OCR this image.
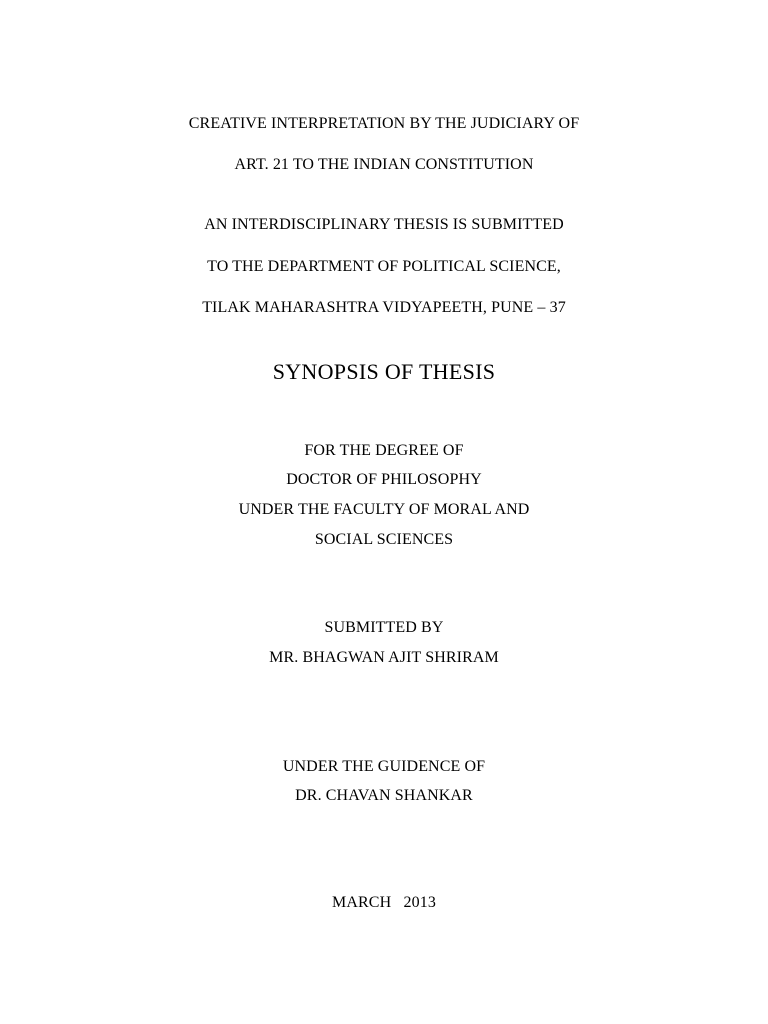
CREATIVE INTERPRETATION BY THE JUDICIARY OF
ART. 21 TO THE INDIAN CONSTITUTION
AN INTERDISCIPLINARY THESIS IS SUBMITTED
TO THE DEPARTMENT OF POLITICAL SCIENCE,
TILAK MAHARASHTRA VIDYAPEETH, PUNE – 37
SYNOPSIS OF THESIS
FOR THE DEGREE OF
DOCTOR OF PHILOSOPHY
UNDER THE FACULTY OF MORAL AND
SOCIAL SCIENCES
SUBMITTED BY
MR. BHAGWAN AJIT SHRIRAM
UNDER THE GUIDENCE OF
DR. CHAVAN SHANKAR
MARCH   2013
